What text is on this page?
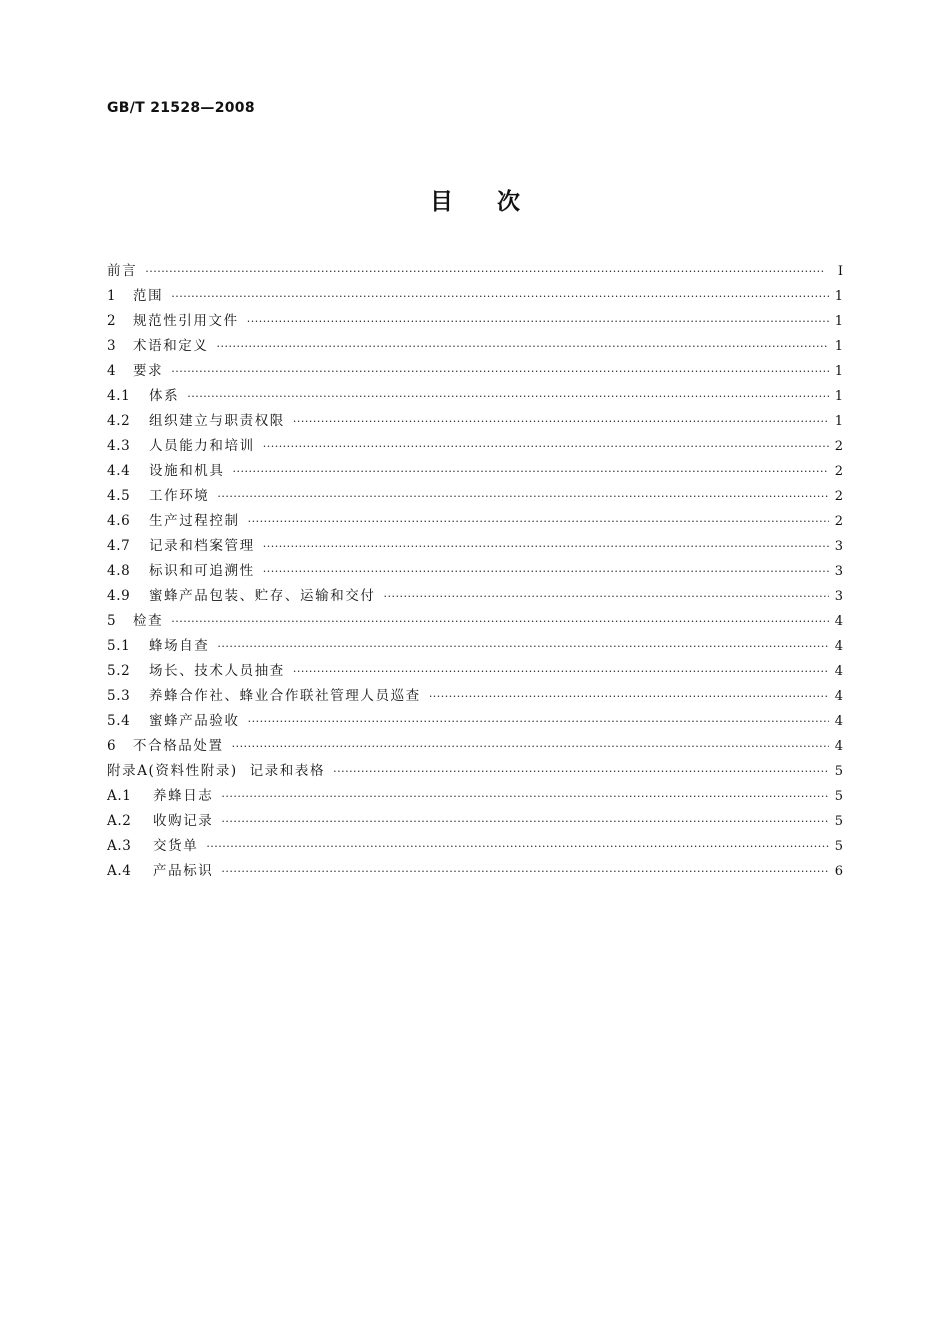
GB/T 21528—2008
目次
前言 ·····	Ⅰ
1	范围 ·····	1
2	规范性引用文件 ·····	1
3	术语和定义 ·····	1
4	要求 ·····	1
4.1	体系 ·····	1
4.2	组织建立与职责权限 ·····	1
4.3	人员能力和培训 ·····	2
4.4	设施和机具 ·····	2
4.5	工作环境 ·····	2
4.6	生产过程控制 ·····	2
4.7	记录和档案管理 ·····	3
4.8	标识和可追溯性 ·····	3
4.9	蜜蜂产品包装、贮存、运输和交付 ·····	3
5	检查 ·····	4
5.1	蜂场自查 ·····	4
5.2	场长、技术人员抽查 ·····	4
5.3	养蜂合作社、蜂业合作联社管理人员巡查 ·····	4
5.4	蜜蜂产品验收 ·····	4
6	不合格品处置 ·····	4
附录A(资料性附录)  记录和表格 ·····	5
A.1	养蜂日志 ·····	5
A.2	收购记录 ·····	5
A.3	交货单 ·····	5
A.4	产品标识 ·····	6
